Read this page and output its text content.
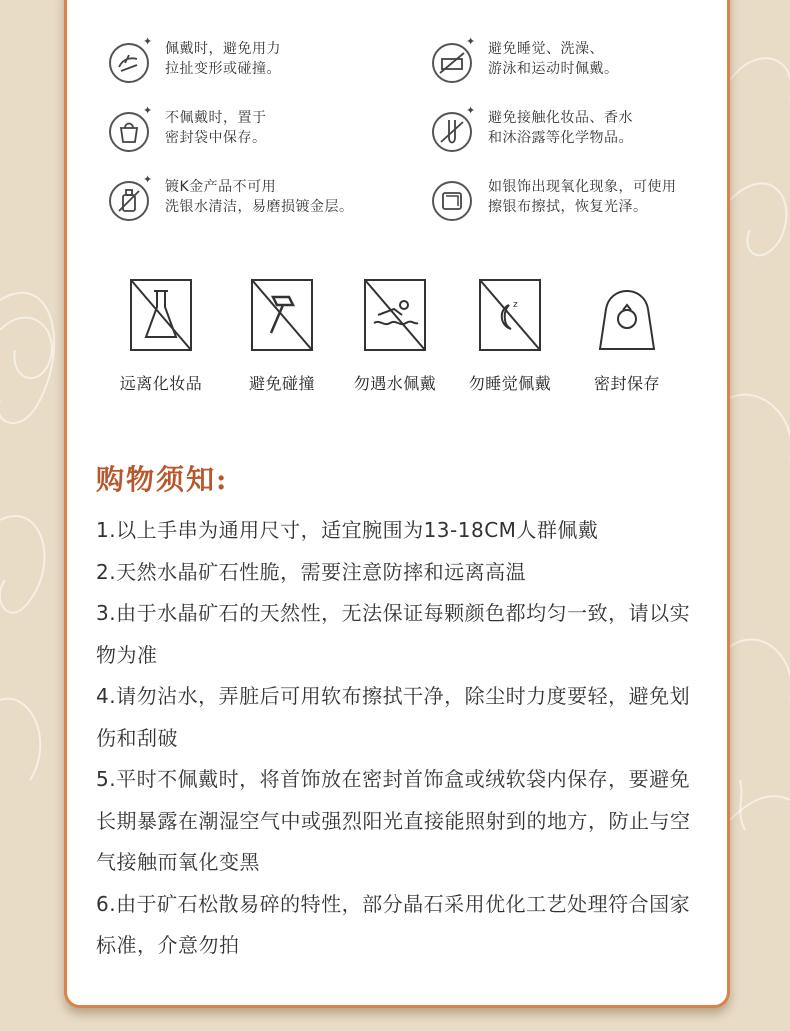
✦ 佩戴时，避免用力
拉扯变形或碰撞。
✦ 避免睡觉、洗澡、
游泳和运动时佩戴。
✦ 不佩戴时，置于
密封袋中保存。
✦ 避免接触化妆品、香水
和沐浴露等化学物品。
✦ 镀K金产品不可用
洗银水清洁，易磨损镀金层。
如银饰出现氧化现象，可使用
擦银布擦拭，恢复光泽。
远离化妆品	避免碰撞	勿遇水佩戴
z
勿睡觉佩戴	密封保存
购物须知:
1.以上手串为通用尺寸，适宜腕围为13-18CM人群佩戴
2.天然水晶矿石性脆，需要注意防摔和远离高温
3.由于水晶矿石的天然性，无法保证每颗颜色都均匀一致，请以实物为准
4.请勿沾水，弄脏后可用软布擦拭干净，除尘时力度要轻，避免划伤和刮破
5.平时不佩戴时，将首饰放在密封首饰盒或绒软袋内保存，要避免长期暴露在潮湿空气中或强烈阳光直接能照射到的地方，防止与空气接触而氧化变黑
6.由于矿石松散易碎的特性，部分晶石采用优化工艺处理符合国家标准，介意勿拍
